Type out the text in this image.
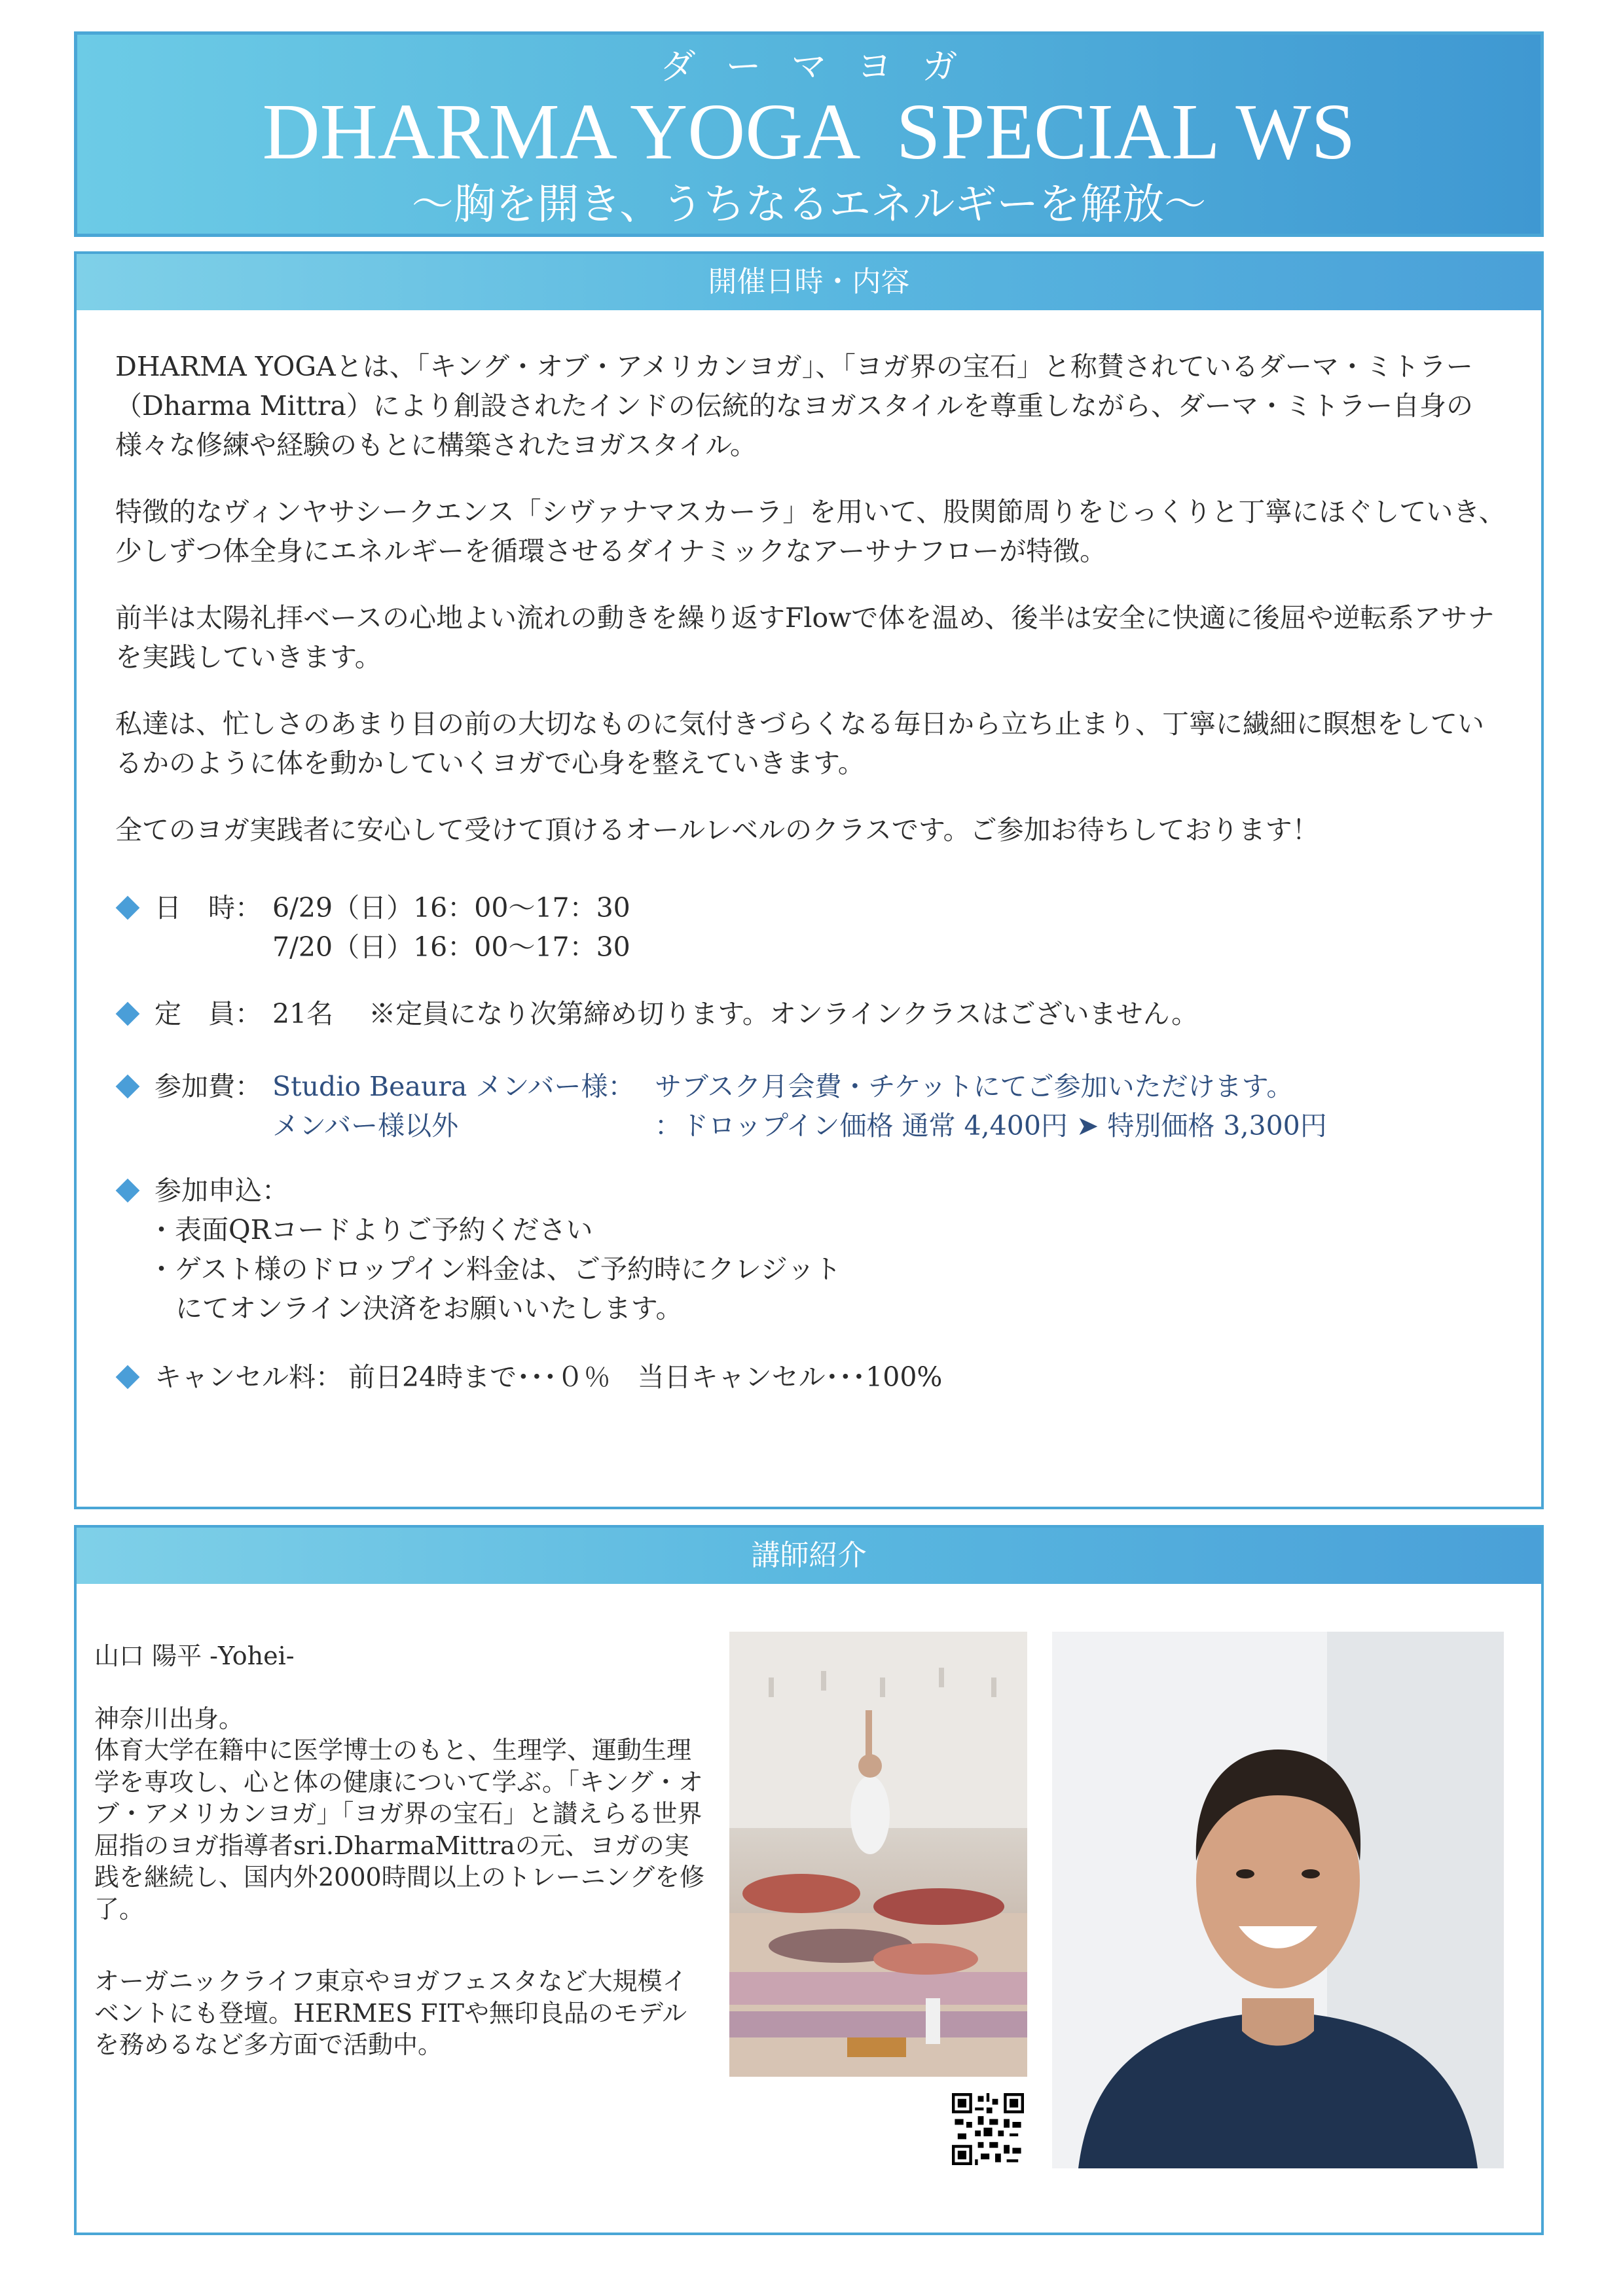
ダーマヨガ
DHARMA YOGA  SPECIAL WS
〜胸を開き、うちなるエネルギーを解放〜
開催日時・内容
DHARMA YOGAとは、「キング・オブ・アメリカンヨガ」、「ヨガ界の宝石」と称賛されているダーマ・ミトラー（Dharma Mittra）により創設されたインドの伝統的なヨガスタイルを尊重しながら、ダーマ・ミトラー自身の様々な修練や経験のもとに構築されたヨガスタイル。
特徴的なヴィンヤサシークエンス「シヴァナマスカーラ」を用いて、股関節周りをじっくりと丁寧にほぐしていき、少しずつ体全身にエネルギーを循環させるダイナミックなアーサナフローが特徴。
前半は太陽礼拝ベースの心地よい流れの動きを繰り返すFlowで体を温め、後半は安全に快適に後屈や逆転系アサナを実践していきます。
私達は、忙しさのあまり目の前の大切なものに気付きづらくなる毎日から立ち止まり、丁寧に繊細に瞑想をしているかのように体を動かしていくヨガで心身を整えていきます。
全てのヨガ実践者に安心して受けて頂けるオールレベルのクラスです。ご参加お待ちしております！
日　時： 6/29（日）16：00〜17：30
7/20（日）16：00〜17：30
定　員： 21名　 ※定員になり次第締め切ります。オンラインクラスはございません。
参加費： Studio Beaura メンバー様： サブスク月会費・チケットにてご参加いただけます。
メンバー様以外	：ドロップイン価格 通常 4,400円 ➤ 特別価格 3,300円
参加申込：
・表面QRコードよりご予約ください
・ゲスト様のドロップイン料金は、ご予約時にクレジット
にてオンライン決済をお願いいたします。
キャンセル料： 前日24時まで･･･０％　当日キャンセル･･･100%
講師紹介
山口 陽平 -Yohei-
神奈川出身。
体育大学在籍中に医学博士のもと、生理学、運動生理学を専攻し、心と体の健康について学ぶ。「キング・オブ・アメリカンヨガ」「ヨガ界の宝石」と讃えらる世界屈指のヨガ指導者sri.DharmaMittraの元、ヨガの実践を継続し、国内外2000時間以上のトレーニングを修了。
オーガニックライフ東京やヨガフェスタなど大規模イベントにも登壇。HERMES FITや無印良品のモデルを務めるなど多方面で活動中。
